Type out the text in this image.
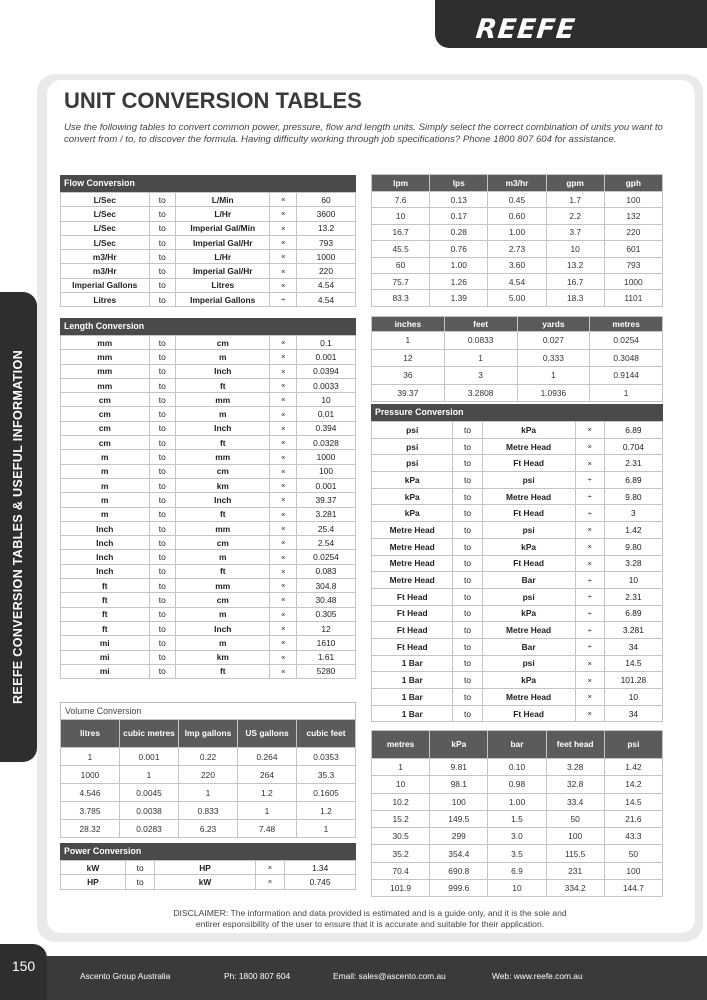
REEFE
REEFE CONVERSION TABLES & USEFUL INFORMATION
UNIT CONVERSION TABLES
Use the following tables to convert common power, pressure, flow and length units. Simply select the correct combination of units you want to convert from / to, to discover the formula. Having difficulty working through job specifications? Phone 1800 807 604 for assistance.
Flow Conversion
L/Sec	to	L/Min	×	60
L/Sec	to	L/Hr	×	3600
L/Sec	to	Imperial Gal/Min	×	13.2
L/Sec	to	Imperial Gal/Hr	×	793
m3/Hr	to	L/Hr	×	1000
m3/Hr	to	Imperial Gal/Hr	×	220
Imperial Gallons	to	Litres	×	4.54
Litres	to	Imperial Gallons	÷	4.54
Length Conversion
mm	to	cm	×	0.1
mm	to	m	×	0.001
mm	to	Inch	×	0.0394
mm	to	ft	×	0.0033
cm	to	mm	×	10
cm	to	m	×	0.01
cm	to	Inch	×	0.394
cm	to	ft	×	0.0328
m	to	mm	×	1000
m	to	cm	×	100
m	to	km	×	0.001
m	to	Inch	×	39.37
m	to	ft	×	3.281
Inch	to	mm	×	25.4
Inch	to	cm	×	2.54
Inch	to	m	×	0.0254
Inch	to	ft	×	0.083
ft	to	mm	×	304.8
ft	to	cm	×	30.48
ft	to	m	×	0.305
ft	to	Inch	×	12
mi	to	m	×	1610
mi	to	km	×	1.61
mi	to	ft	×	5280
Volume Conversion
litres	cubic metres	Imp gallons	US gallons	cubic feet
1	0.001	0.22	0.264	0.0353
1000	1	220	264	35.3
4.546	0.0045	1	1.2	0.1605
3.785	0.0038	0.833	1	1.2
28.32	0.0283	6.23	7.48	1
Power Conversion
kW	to	HP	×	1.34
HP	to	kW	×	0.745
lpm	lps	m3/hr	gpm	gph
7.6	0.13	0.45	1.7	100
10	0.17	0.60	2.2	132
16.7	0.28	1.00	3.7	220
45.5	0.76	2.73	10	601
60	1.00	3.60	13.2	793
75.7	1.26	4.54	16.7	1000
83.3	1.39	5.00	18.3	1101
inches	feet	yards	metres
1	0.0833	0.027	0.0254
12	1	0.333	0.3048
36	3	1	0.9144
39.37	3.2808	1.0936	1
Pressure Conversion
psi	to	kPa	×	6.89
psi	to	Metre Head	×	0.704
psi	to	Ft Head	×	2.31
kPa	to	psi	÷	6.89
kPa	to	Metre Head	÷	9.80
kPa	to	Ft Head	÷	3
Metre Head	to	psi	×	1.42
Metre Head	to	kPa	×	9.80
Metre Head	to	Ft Head	×	3.28
Metre Head	to	Bar	÷	10
Ft Head	to	psi	÷	2.31
Ft Head	to	kPa	÷	6.89
Ft Head	to	Metre Head	÷	3.281
Ft Head	to	Bar	÷	34
1 Bar	to	psi	×	14.5
1 Bar	to	kPa	×	101.28
1 Bar	to	Metre Head	×	10
1 Bar	to	Ft Head	×	34
metres	kPa	bar	feet head	psi
1	9.81	0.10	3.28	1.42
10	98.1	0.98	32.8	14.2
10.2	100	1.00	33.4	14.5
15.2	149.5	1.5	50	21.6
30.5	299	3.0	100	43.3
35.2	354.4	3.5	115.5	50
70.4	690.8	6.9	231	100
101.9	999.6	10	334.2	144.7
DISCLAIMER: The information and data provided is estimated and is a guide only, and it is the sole and entirer esponsibility of the user to ensure that it is accurate and suitable for their application.
150
Ascento Group Australia	Ph: 1800 807 604	Email: sales@ascento.com.au	Web: www.reefe.com.au
